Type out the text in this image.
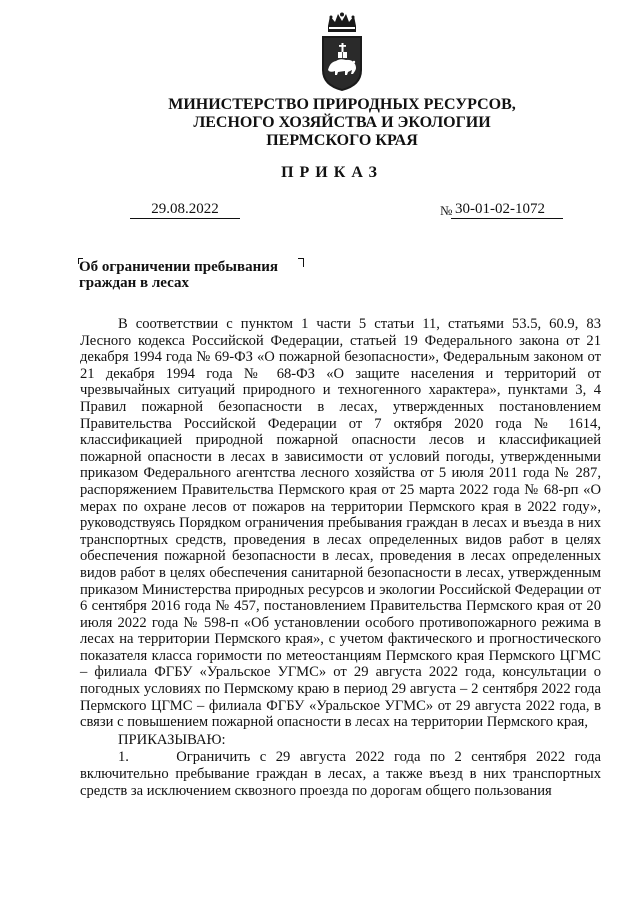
МИНИСТЕРСТВО ПРИРОДНЫХ РЕСУРСОВ,
ЛЕСНОГО ХОЗЯЙСТВА И ЭКОЛОГИИ
ПЕРМСКОГО КРАЯ
ПРИКАЗ
29.08.2022	№ 30-01-02-1072
Об ограничении пребывания
граждан в лесах

В соответствии с пунктом 1 части 5 статьи 11, статьями 53.5, 60.9, 83 Лесного кодекса Российской Федерации, статьей 19 Федерального закона от 21 декабря 1994 года № 69-ФЗ «О пожарной безопасности», Федеральным законом от 21 декабря 1994 года № 68-ФЗ «О защите населения и территорий от чрезвычайных ситуаций природного и техногенного характера», пунктами 3, 4 Правил пожарной безопасности в лесах, утвержденных постановлением Правительства Российской Федерации от 7 октября 2020 года № 1614, классификацией природной пожарной опасности лесов и классификацией пожарной опасности в лесах в зависимости от условий погоды, утвержденными приказом Федерального агентства лесного хозяйства от 5 июля 2011 года № 287, распоряжением Правительства Пермского края от 25 марта 2022 года № 68-рп «О мерах по охране лесов от пожаров на территории Пермского края в 2022 году», руководствуясь Порядком ограничения пребывания граждан в лесах и въезда в них транспортных средств, проведения в лесах определенных видов работ в целях обеспечения пожарной безопасности в лесах, проведения в лесах определенных видов работ в целях обеспечения санитарной безопасности в лесах, утвержденным приказом Министерства природных ресурсов и экологии Российской Федерации от 6 сентября 2016 года № 457, постановлением Правительства Пермского края от 20 июля 2022 года № 598-п «Об установлении особого противопожарного режима в лесах на территории Пермского края», с учетом фактического и прогностического показателя класса горимости по метеостанциям Пермского края Пермского ЦГМС – филиала ФГБУ «Уральское УГМС» от 29 августа 2022 года, консультации о погодных условиях по Пермскому краю в период 29 августа – 2 сентября 2022 года Пермского ЦГМС – филиала ФГБУ «Уральское УГМС» от 29 августа 2022 года, в связи с повышением пожарной опасности в лесах на территории Пермского края,

ПРИКАЗЫВАЮ:

1.     Ограничить с 29 августа 2022 года по 2 сентября 2022 года включительно пребывание граждан в лесах, а также въезд в них транспортных средств за исключением сквозного проезда по дорогам общего пользования
